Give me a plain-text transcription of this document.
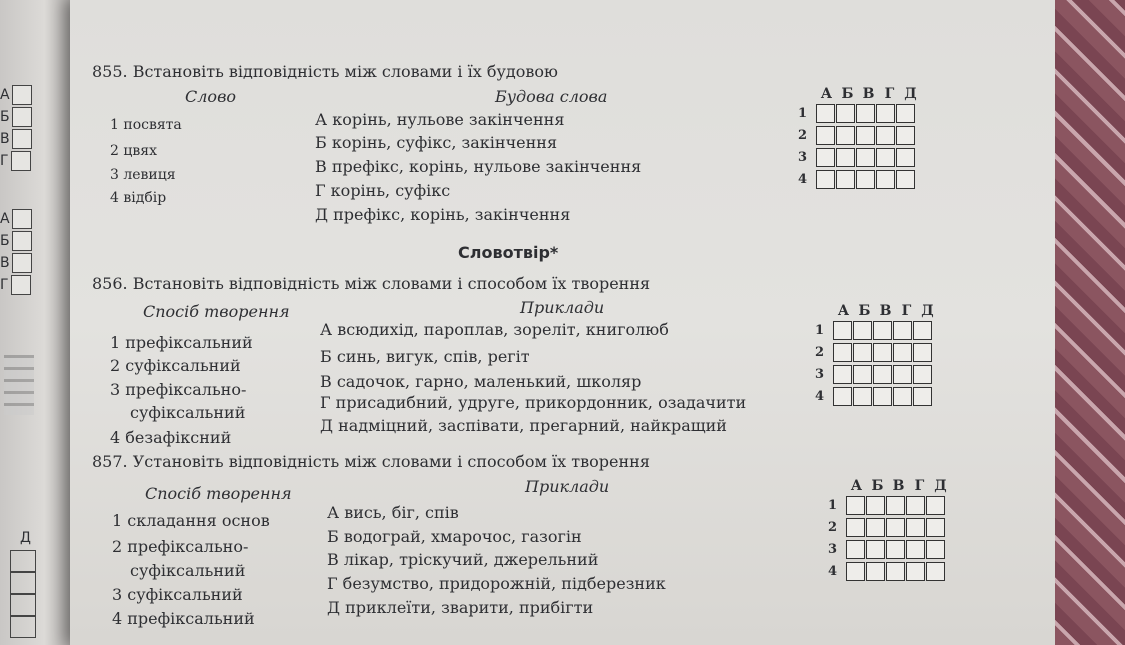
А
Б
В
Г
А
Б
В
Г
Д
855. Встановіть відповідність між словами і їх будовою
Слово	Будова слова
1 посвята
2 цвях
3 левиця
4 відбір
А корінь, нульове закінчення
Б корінь, суфікс, закінчення
В префікс, корінь, нульове закінчення
Г корінь, суфікс
Д префікс, корінь, закінчення
А Б В Г Д
1
2
3
4
Словотвір*
856. Встановіть відповідність між словами і способом їх творення
Спосіб творення	Приклади
1 префіксальний
2 суфіксальний
3 префіксально-
суфіксальний
4 безафіксний
А всюдихід, пароплав, зореліт, книголюб
Б синь, вигук, спів, регіт
В садочок, гарно, маленький, школяр
Г присадибний, удруге, прикордонник, озадачити
Д надміцний, заспівати, прегарний, найкращий
А Б В Г Д
1
2
3
4
857. Установіть відповідність між словами і способом їх творення
Спосіб творення	Приклади
1 складання основ
2 префіксально-
суфіксальний
3 суфіксальний
4 префіксальний
А вись, біг, спів
Б водограй, хмарочос, газогін
В лікар, тріскучий, джерельний
Г безумство, придорожній, підберезник
Д приклеїти, зварити, прибігти
А Б В Г Д
1
2
3
4
